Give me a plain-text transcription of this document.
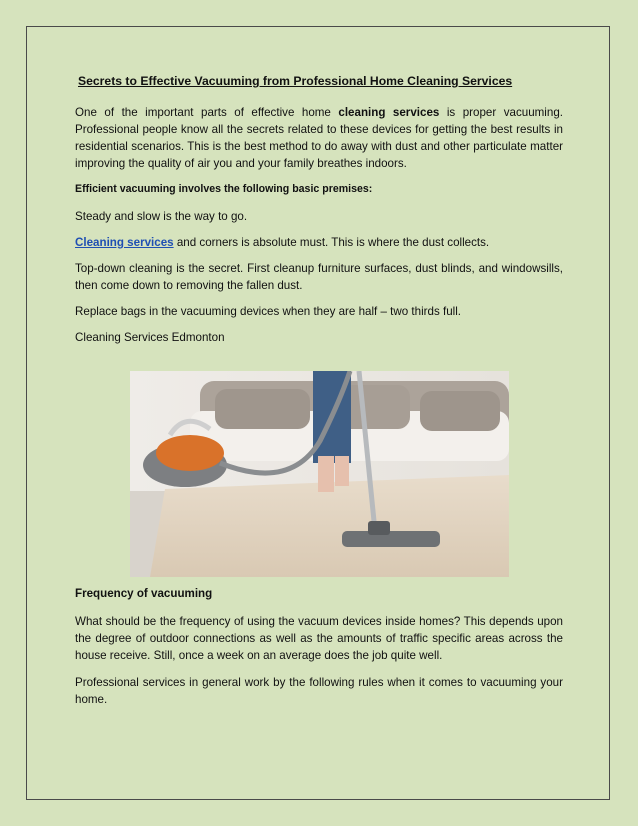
Secrets to Effective Vacuuming from Professional Home Cleaning Services

One of the important parts of effective home cleaning services is proper vacuuming. Professional people know all the secrets related to these devices for getting the best results in residential scenarios. This is the best method to do away with dust and other particulate matter improving the quality of air you and your family breathes indoors.

Efficient vacuuming involves the following basic premises:

Steady and slow is the way to go.

Cleaning services and corners is absolute must. This is where the dust collects.

Top-down cleaning is the secret. First cleanup furniture surfaces, dust blinds, and windowsills, then come down to removing the fallen dust.

Replace bags in the vacuuming devices when they are half – two thirds full.

Cleaning Services Edmonton

Frequency of vacuuming

What should be the frequency of using the vacuum devices inside homes? This depends upon the degree of outdoor connections as well as the amounts of traffic specific areas across the house receive. Still, once a week on an average does the job quite well.

Professional services in general work by the following rules when it comes to vacuuming your home.
